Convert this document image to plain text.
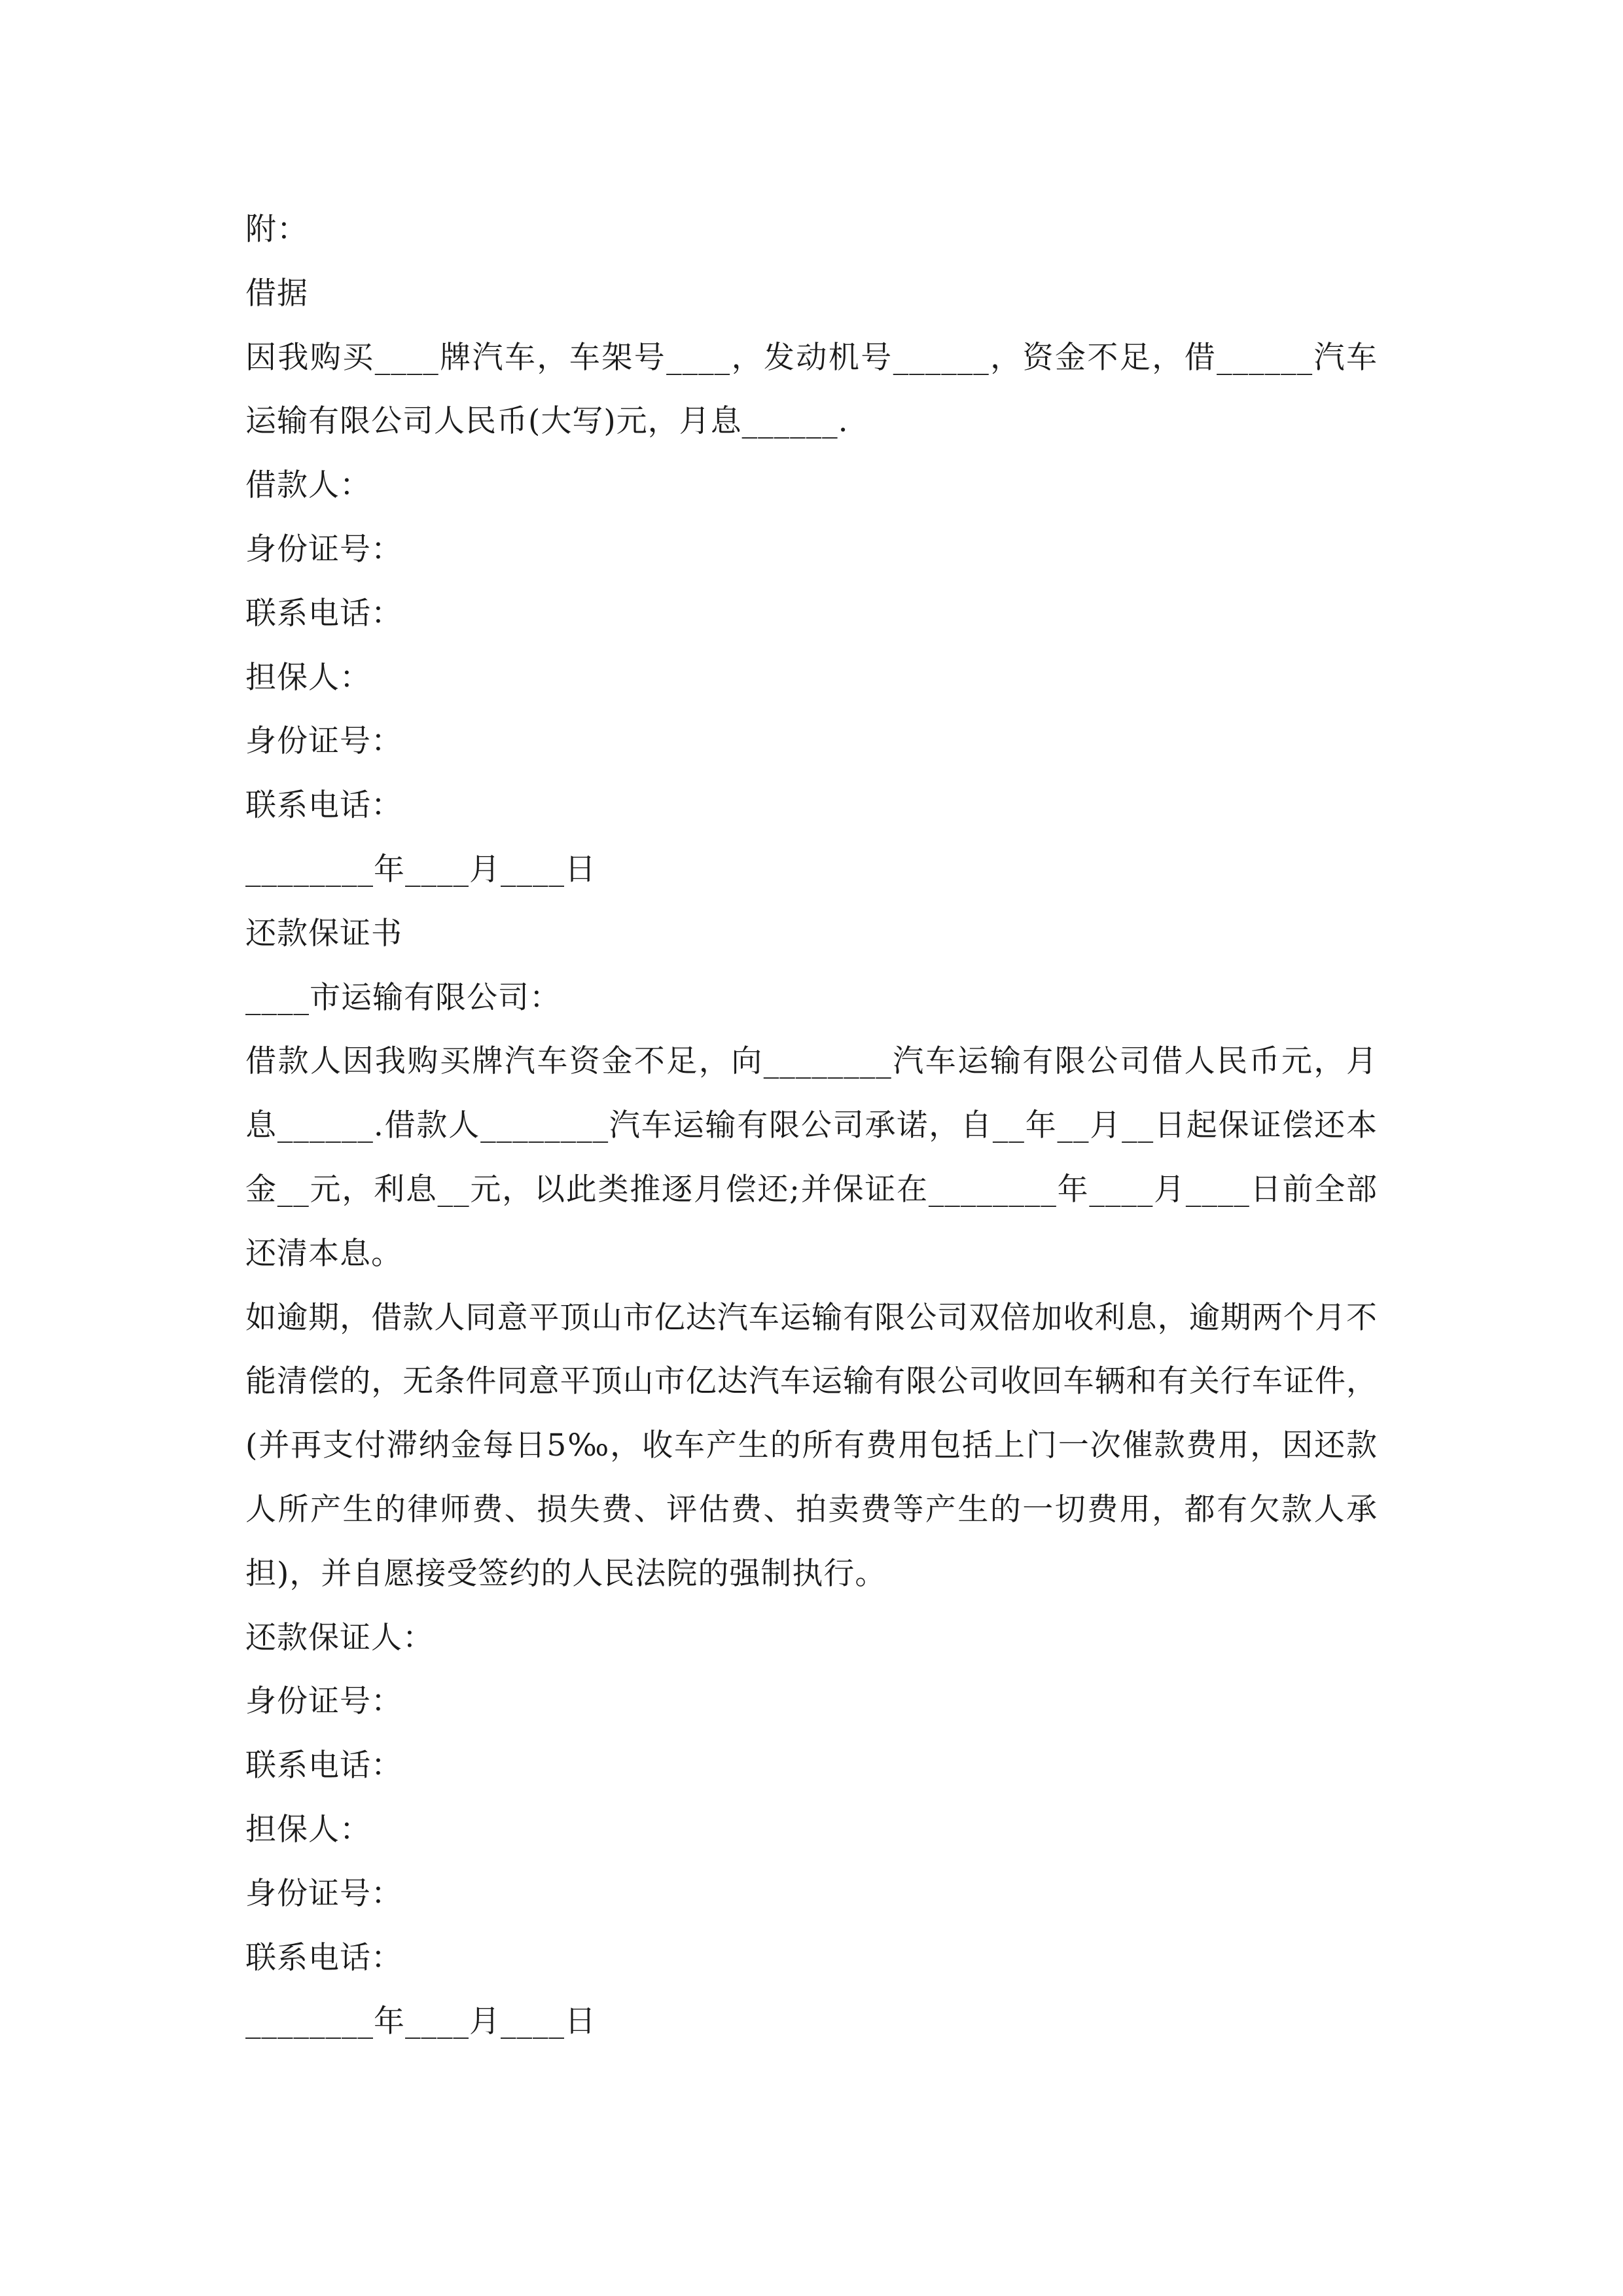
附：
借据
因我购买____牌汽车，车架号____，发动机号______，资金不足，借______汽车运输有限公司人民币(大写)元，月息______.
借款人：
身份证号：
联系电话：
担保人：
身份证号：
联系电话：
________年____月____日
还款保证书
____市运输有限公司：
借款人因我购买牌汽车资金不足，向________汽车运输有限公司借人民币元，月息______.借款人________汽车运输有限公司承诺，自__年__月__日起保证偿还本金__元，利息__元，以此类推逐月偿还;并保证在________年____月____日前全部还清本息。
如逾期，借款人同意平顶山市亿达汽车运输有限公司双倍加收利息，逾期两个月不能清偿的，无条件同意平顶山市亿达汽车运输有限公司收回车辆和有关行车证件，(并再支付滞纳金每日5‰，收车产生的所有费用包括上门一次催款费用，因还款人所产生的律师费、损失费、评估费、拍卖费等产生的一切费用，都有欠款人承担)，并自愿接受签约的人民法院的强制执行。
还款保证人：
身份证号：
联系电话：
担保人：
身份证号：
联系电话：
________年____月____日
